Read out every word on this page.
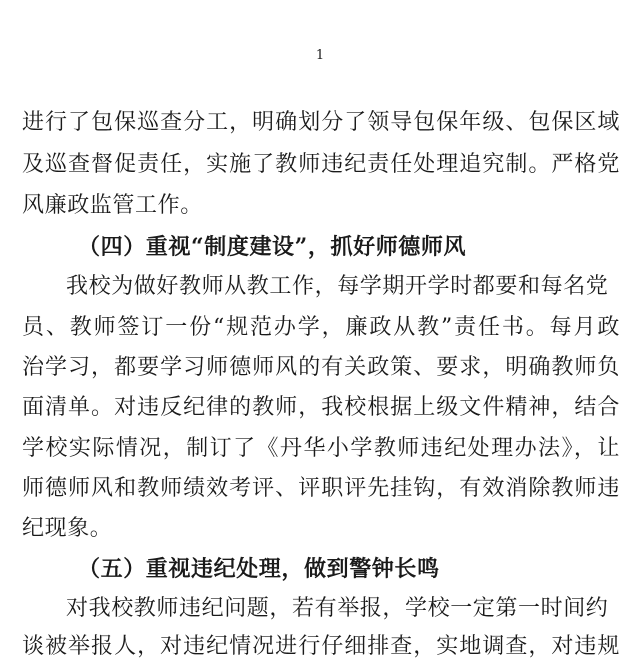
1
进行了包保巡查分工，明确划分了领导包保年级、包保区域
及巡查督促责任，实施了教师违纪责任处理追究制。严格党
风廉政监管工作。
（四）重视“制度建设”，抓好师德师风
我校为做好教师从教工作，每学期开学时都要和每名党
员、教师签订一份“规范办学，廉政从教”责任书。每月政
治学习，都要学习师德师风的有关政策、要求，明确教师负
面清单。对违反纪律的教师，我校根据上级文件精神，结合
学校实际情况，制订了《丹华小学教师违纪处理办法》，让
师德师风和教师绩效考评、评职评先挂钩，有效消除教师违
纪现象。
（五）重视违纪处理，做到警钟长鸣
对我校教师违纪问题，若有举报，学校一定第一时间约
谈被举报人，对违纪情况进行仔细排查，实地调查，对违规
